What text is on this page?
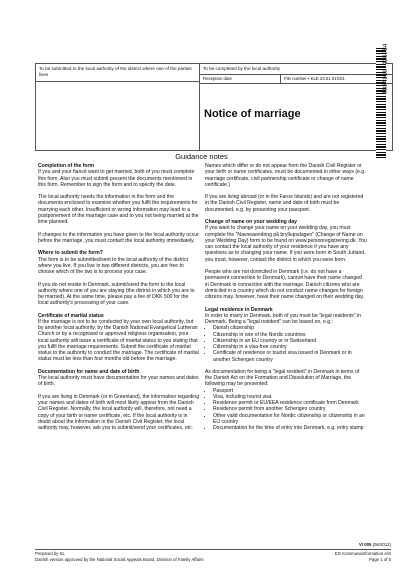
To be submitted to the local authority of the district where one of the parties lives
To be completed by the local authority
Reception date	File number • KLE 23.01.01G01
Notice of marriage
T084910 42G984
Guidance notes
Completion of the form

If you and your fiancé want to get married, both of you must complete this form. Also you must submit present the documents mentioned in this form. Remember to sign the form and to specify the date.

The local authority needs the information in the form and the documents enclosed to examine whether you fulfil the requirements for marrying each other. Insufficient or wrong information may lead to a postponement of the marriage case and to you not being married at the time planned.

If changes to the information you have given to the local authority occur before the marriage, you must contact the local authority immediately.

Where to submit the form?

The form is to be submitted/sent to the local authority of the district where you live. If you live in two different districts, you are free to choose which of the two is to process your case.

If you do not reside in Denmark, submit/send the form to the local authority where one of you are staying (the district in which you are to be married). At the same time, please pay a fee of DKK 500 for the local authority's processing of your case.

Certificate of marital status

If the marriage is not to be conducted by your own local authority, but by another local authority, by the Danish National Evangelical Lutheran Church or by a recognised or approved religious organisation, your local authority will issue a certificate of marital status to you stating that you fulfil the marriage requirements. Submit the certificate of marital status to the authority to conduct the marriage. The certificate of marital status must be less than four months old before the marriage.

Documentation for name and date of birth

The local authority must have documentation for your names and dates of birth.

If you are living in Denmark (or in Greenland), the information regarding your names and dates of birth will most likely appear from the Danish Civil Register. Normally, the local authority will, therefore, not need a copy of your birth or name certificate, etc. If the local authority is in doubt about the information in the Danish Civil Register, the local authority may, however, ask you to submit/send your certificates, etc.

Names which differ or do not appear from the Danish Civil Register or your birth or name certificates, must be documented in other ways (e.g. marriage certificate, civil partnership certificate or change of name certificate.)

If you are living abroad (or in the Faroe Islands) and are not registered in the Danish Civil Register, name and date of birth must be documented, e.g. by presenting your passport.

Change of name on your wedding day

If you want to change your name on your wedding day, you must complete the "Navneaendring på bryllupsdagen" (Change of Name on your Wedding Day) form to be found on www.personregistrering.dk. You can contact the local authority of your residence if you have any questions as to changing your name. If you were born in South Jutland, you must, however, contact the district in which you were born.

People who are not domiciled in Denmark (i.e. do not have a permanent connection to Denmark), cannot have their name changed in Denmark in connection with the marriage. Danish citizens who are domiciled in a country which do not conduct name changes for foreign citizens may, however, have their name changed on their wedding day.

Legal residence in Denmark

In order to marry in Denmark, both of you must be "legal residents" in Denmark. Being a "legal resident" can be based on, e.g.:

• Danish citizenship
• Citizenship in one of the Nordic countries
• Citizenship in an EU country or in Switzerland
• Citizenship in a visa-free country
• Certificate of residence or tourist visa issued in Denmark or in another Schengen country

As documentation for being a "legal resident" in Denmark in terms of the Danish Act on the Formation and Dissolution of Marriage, the following may be presented:

• Passport
• Visa, including tourist visa
• Residence permit or EU/EEA residence certificate from Denmark
• Residence permit from another Schengen country
• Other valid documentation for Nordic citizenship or citizenship in an EU country
• Documentation for the time of entry into Denmark, e.g. entry stamp
VI 005 (06/2012)
Prepared by KL
Danish version approved by the National Social Appeals Board, Division of Family Affairs
EG Kommuneinformation A/S
Page 1 of 5
